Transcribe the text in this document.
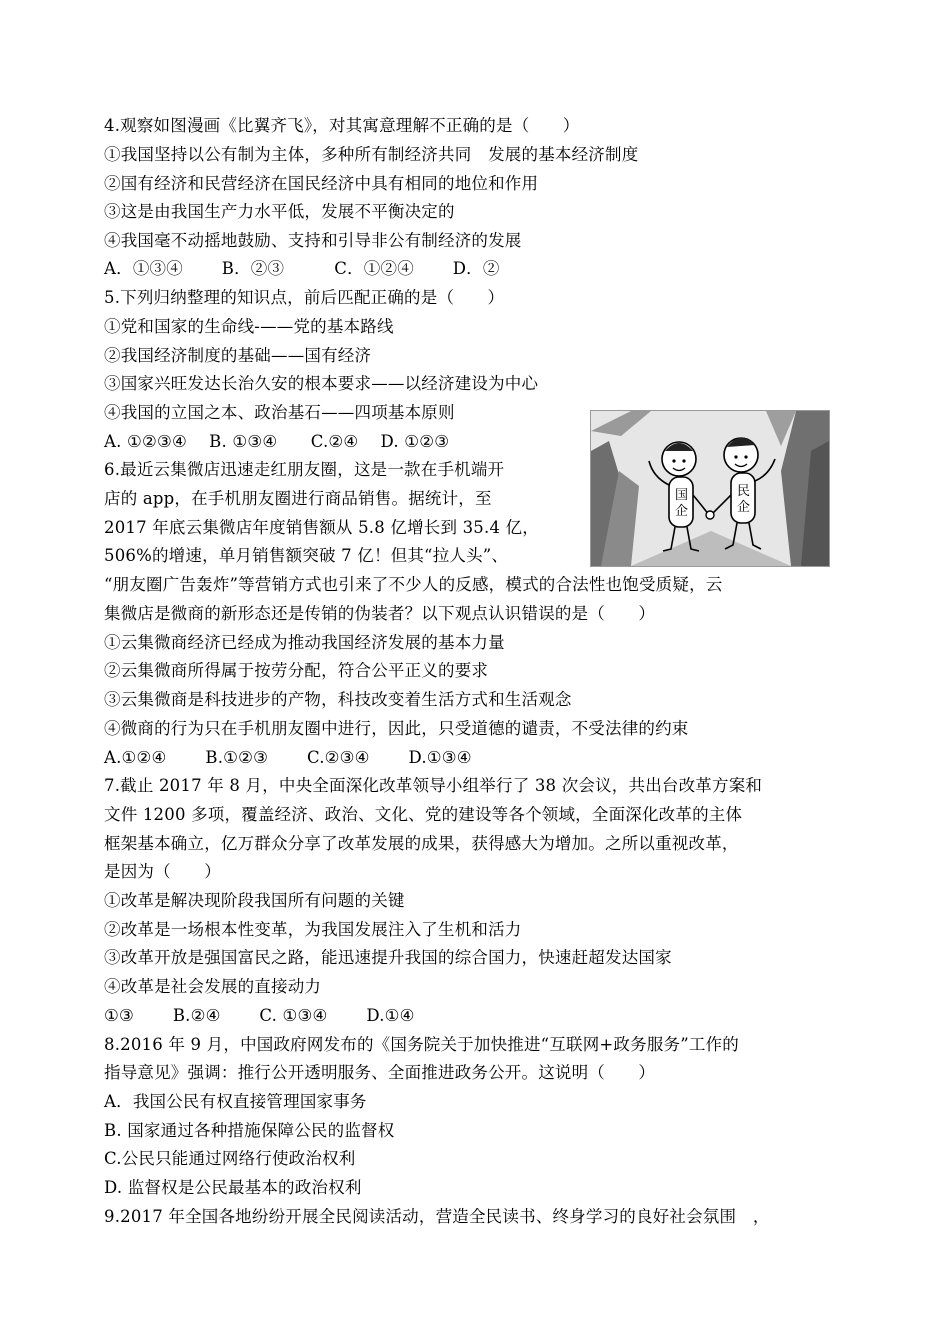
4.观察如图漫画《比翼齐飞》，对其寓意理解不正确的是（　　）
①我国坚持以公有制为主体，多种所有制经济共同　发展的基本经济制度
②国有经济和民营经济在国民经济中具有相同的地位和作用
③这是由我国生产力水平低，发展不平衡决定的
④我国毫不动摇地鼓励、支持和引导非公有制经济的发展
A．①③④　　 B．②③　　　C．①②④　　 D．②
5.下列归纳整理的知识点，前后匹配正确的是（　　）
①党和国家的生命线-——党的基本路线
②我国经济制度的基础——国有经济
③国家兴旺发达长治久安的根本要求——以经济建设为中心
④我国的立国之本、政治基石——四项基本原则
A. ①②③④　 B. ①③④　　C.②④　 D. ①②③
6.最近云集微店迅速走红朋友圈，这是一款在手机端开
店的 app，在手机朋友圈进行商品销售。据统计，至
2017 年底云集微店年度销售额从 5.8 亿增长到 35.4 亿，
506%的增速，单月销售额突破 7 亿！但其“拉人头”、
“朋友圈广告轰炸”等营销方式也引来了不少人的反感，模式的合法性也饱受质疑，云
集微店是微商的新形态还是传销的伪装者？以下观点认识错误的是（　　）
①云集微商经济已经成为推动我国经济发展的基本力量
②云集微商所得属于按劳分配，符合公平正义的要求
③云集微商是科技进步的产物，科技改变着生活方式和生活观念
④微商的行为只在手机朋友圈中进行，因此，只受道德的谴责，不受法律的约束
A.①②④　　 B.①②③　　 C.②③④　　 D.①③④
7.截止 2017 年 8 月，中央全面深化改革领导小组举行了 38 次会议，共出台改革方案和
文件 1200 多项，覆盖经济、政治、文化、党的建设等各个领域，全面深化改革的主体
框架基本确立，亿万群众分享了改革发展的成果，获得感大为增加。之所以重视改革，
是因为（　　）
①改革是解决现阶段我国所有问题的关键
②改革是一场根本性变革，为我国发展注入了生机和活力
③改革开放是强国富民之路，能迅速提升我国的综合国力，快速赶超发达国家
④改革是社会发展的直接动力
①③　　 B.②④　　 C. ①③④　　 D.①④
8.2016 年 9 月，中国政府网发布的《国务院关于加快推进“互联网+政务服务”工作的
指导意见》强调：推行公开透明服务、全面推进政务公开。这说明（　　）
A．我国公民有权直接管理国家事务
B. 国家通过各种措施保障公民的监督权
C.公民只能通过网络行使政治权利
D. 监督权是公民最基本的政治权利
9.2017 年全国各地纷纷开展全民阅读活动，营造全民读书、终身学习的良好社会氛围　，
国
企
民
企
